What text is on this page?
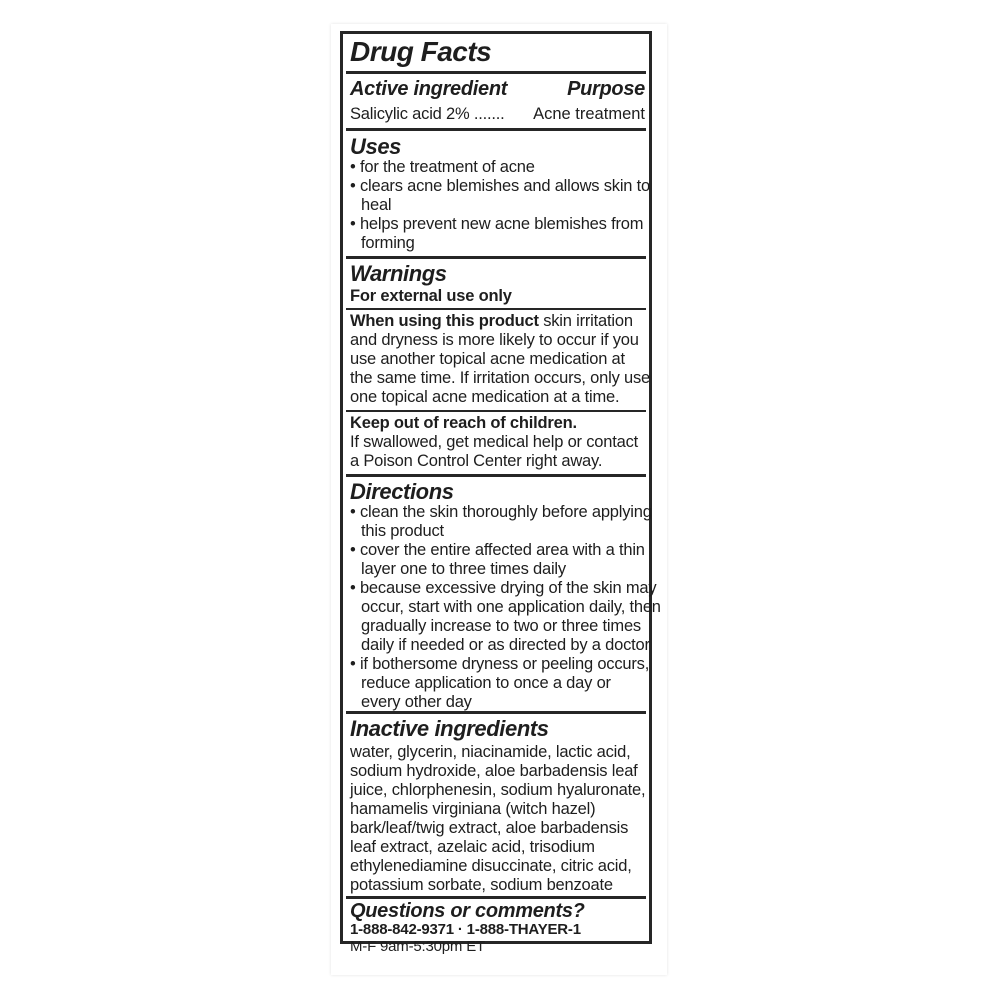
Drug Facts
Active ingredient	Purpose
Salicylic acid 2% ....... Acne treatment
Uses
• for the treatment of acne
• clears acne blemishes and allows skin to
heal
• helps prevent new acne blemishes from
forming
Warnings
For external use only
When using this product skin irritation
and dryness is more likely to occur if you
use another topical acne medication at
the same time. If irritation occurs, only use
one topical acne medication at a time.
Keep out of reach of children.
If swallowed, get medical help or contact
a Poison Control Center right away.
Directions
• clean the skin thoroughly before applying
this product
• cover the entire affected area with a thin
layer one to three times daily
• because excessive drying of the skin may
occur, start with one application daily, then
gradually increase to two or three times
daily if needed or as directed by a doctor
• if bothersome dryness or peeling occurs,
reduce application to once a day or
every other day
Inactive ingredients
water, glycerin, niacinamide, lactic acid,
sodium hydroxide, aloe barbadensis leaf
juice, chlorphenesin, sodium hyaluronate,
hamamelis virginiana (witch hazel)
bark/leaf/twig extract, aloe barbadensis
leaf extract, azelaic acid, trisodium
ethylenediamine disuccinate, citric acid,
potassium sorbate, sodium benzoate
Questions or comments?
1-888-842-9371 · 1-888-THAYER-1
M-F 9am-5:30pm ET
